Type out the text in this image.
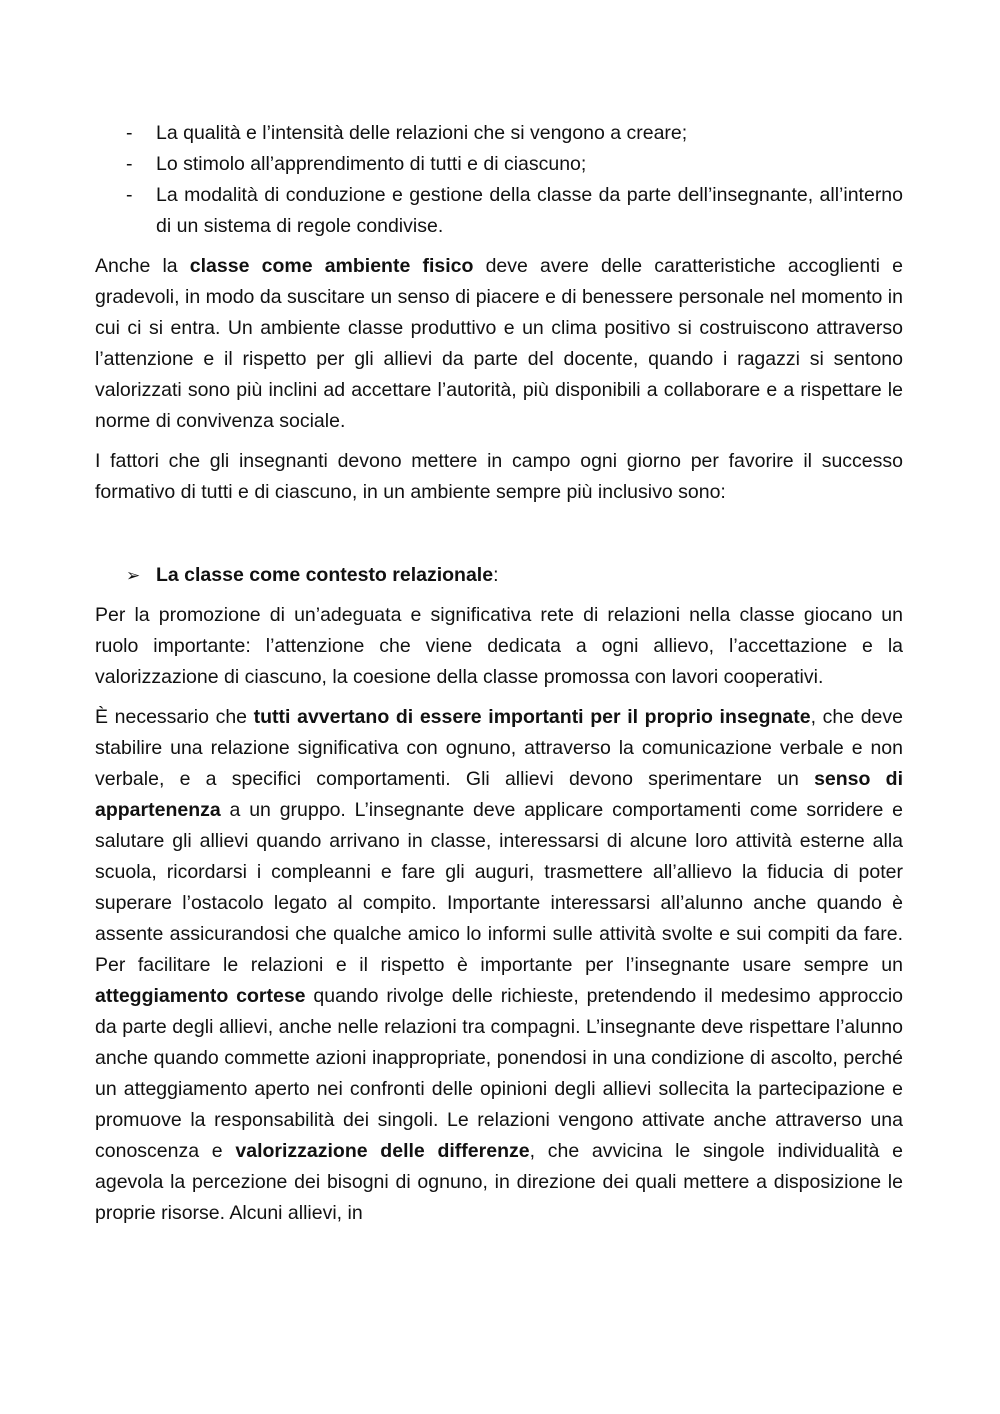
- La qualità e l’intensità delle relazioni che si vengono a creare;
- Lo stimolo all’apprendimento di tutti e di ciascuno;
- La modalità di conduzione e gestione della classe da parte dell’insegnante, all’interno di un sistema di regole condivise.

Anche la classe come ambiente fisico deve avere delle caratteristiche accoglienti e gradevoli, in modo da suscitare un senso di piacere e di benessere personale nel momento in cui ci si entra. Un ambiente classe produttivo e un clima positivo si costruiscono attraverso l’attenzione e il rispetto per gli allievi da parte del docente, quando i ragazzi si sentono valorizzati sono più inclini ad accettare l’autorità, più disponibili a collaborare e a rispettare le norme di convivenza sociale.

I fattori che gli insegnanti devono mettere in campo ogni giorno per favorire il successo formativo di tutti e di ciascuno, in un ambiente sempre più inclusivo sono:

➢ La classe come contesto relazionale:

Per la promozione di un’adeguata e significativa rete di relazioni nella classe giocano un ruolo importante: l’attenzione che viene dedicata a ogni allievo, l’accettazione e la valorizzazione di ciascuno, la coesione della classe promossa con lavori cooperativi.

È necessario che tutti avvertano di essere importanti per il proprio insegnate, che deve stabilire una relazione significativa con ognuno, attraverso la comunicazione verbale e non verbale, e a specifici comportamenti. Gli allievi devono sperimentare un senso di appartenenza a un gruppo. L’insegnante deve applicare comportamenti come sorridere e salutare gli allievi quando arrivano in classe, interessarsi di alcune loro attività esterne alla scuola, ricordarsi i compleanni e fare gli auguri, trasmettere all’allievo la fiducia di poter superare l’ostacolo legato al compito. Importante interessarsi all’alunno anche quando è assente assicurandosi che qualche amico lo informi sulle attività svolte e sui compiti da fare. Per facilitare le relazioni e il rispetto è importante per l’insegnante usare sempre un atteggiamento cortese quando rivolge delle richieste, pretendendo il medesimo approccio da parte degli allievi, anche nelle relazioni tra compagni. L’insegnante deve rispettare l’alunno anche quando commette azioni inappropriate, ponendosi in una condizione di ascolto, perché un atteggiamento aperto nei confronti delle opinioni degli allievi sollecita la partecipazione e promuove la responsabilità dei singoli. Le relazioni vengono attivate anche attraverso una conoscenza e valorizzazione delle differenze, che avvicina le singole individualità e agevola la percezione dei bisogni di ognuno, in direzione dei quali mettere a disposizione le proprie risorse. Alcuni allievi, in
